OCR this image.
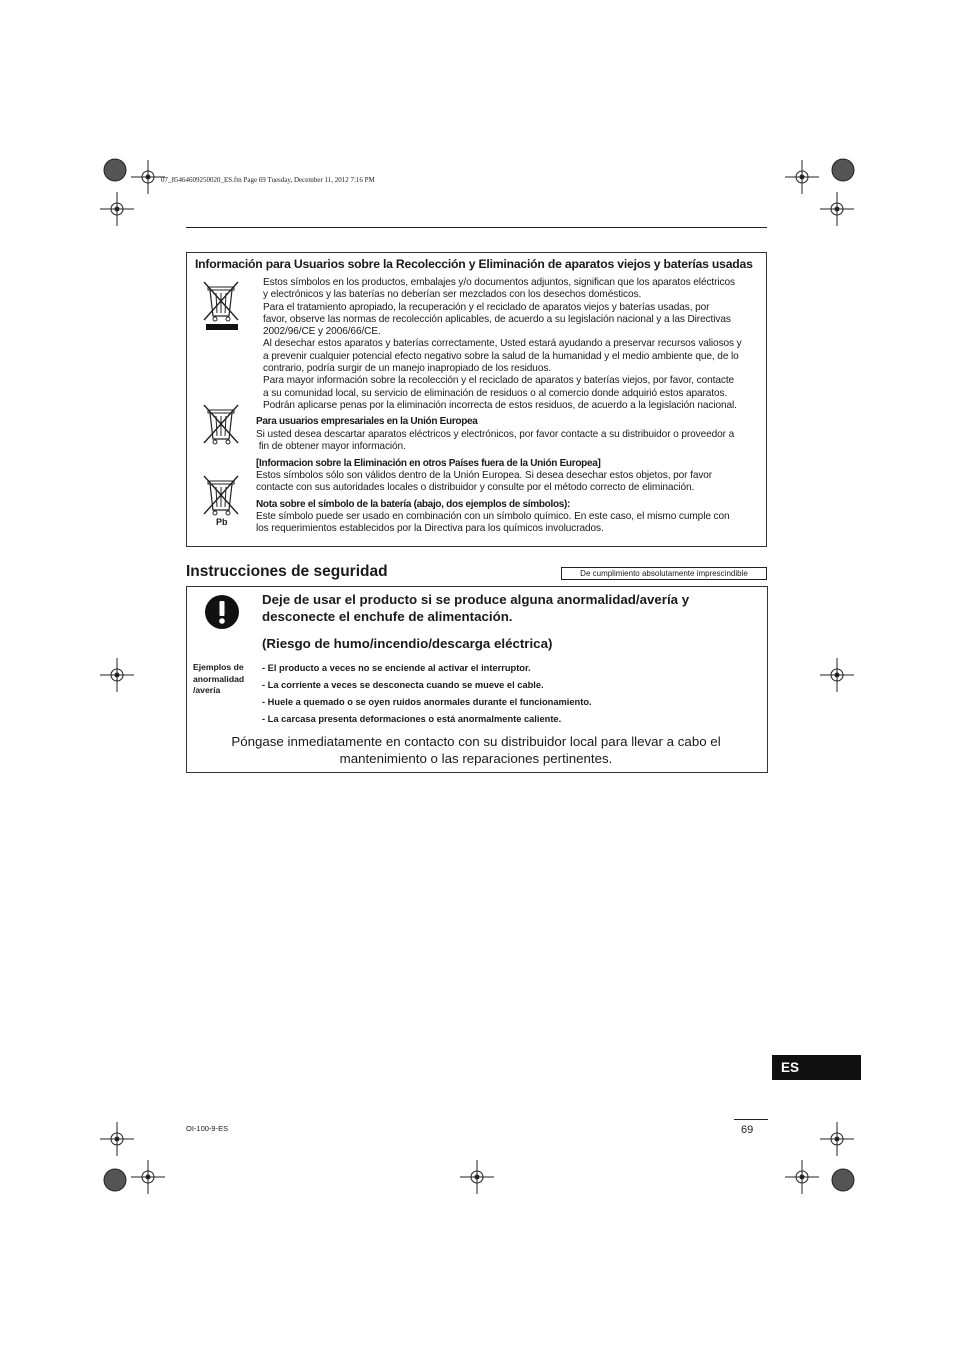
07_85464609250020_ES.fm Page 69 Tuesday, December 11, 2012 7:16 PM
Información para Usuarios sobre la Recolección y Eliminación de aparatos viejos y baterías usadas
Pb
Estos símbolos en los productos, embalajes y/o documentos adjuntos, significan que los aparatos eléctricos
y electrónicos y las baterías no deberían ser mezclados con los desechos domésticos.
Para el tratamiento apropiado, la recuperación y el reciclado de aparatos viejos y baterías usadas, por
favor, observe las normas de recolección aplicables, de acuerdo a su legislación nacional y a las Directivas
2002/96/CE y 2006/66/CE.
Al desechar estos aparatos y baterías correctamente, Usted estará ayudando a preservar recursos valiosos y
a prevenir cualquier potencial efecto negativo sobre la salud de la humanidad y el medio ambiente que, de lo
contrario, podría surgir de un manejo inapropiado de los residuos.
Para mayor información sobre la recolección y el reciclado de aparatos y baterías viejos, por favor, contacte
a su comunidad local, su servicio de eliminación de residuos o al comercio donde adquirió estos aparatos.
Podrán aplicarse penas por la eliminación incorrecta de estos residuos, de acuerdo a la legislación nacional.
Para usuarios empresariales en la Unión Europea
Si usted desea descartar aparatos eléctricos y electrónicos, por favor contacte a su distribuidor o proveedor a
fin de obtener mayor información.
[Informacion sobre la Eliminación en otros Países fuera de la Unión Europea]
Estos símbolos sólo son válidos dentro de la Unión Europea. Si desea desechar estos objetos, por favor
contacte con sus autoridades locales o distribuidor y consulte por el método correcto de eliminación.
Nota sobre el símbolo de la batería (abajo, dos ejemplos de símbolos):
Este símbolo puede ser usado en combinación con un símbolo químico. En este caso, el mismo cumple con
los requerimientos establecidos por la Directiva para los químicos involucrados.
Instrucciones de seguridad	De cumplimiento absolutamente imprescindible
Deje de usar el producto si se produce alguna anormalidad/avería y
desconecte el enchufe de alimentación.
(Riesgo de humo/incendio/descarga eléctrica)
Ejemplos de
anormalidad
/avería
- El producto a veces no se enciende al activar el interruptor.
- La corriente a veces se desconecta cuando se mueve el cable.
- Huele a quemado o se oyen ruidos anormales durante el funcionamiento.
- La carcasa presenta deformaciones o está anormalmente caliente.
Póngase inmediatamente en contacto con su distribuidor local para llevar a cabo el mantenimiento o las reparaciones pertinentes.
ES
OI-100-9-ES	69
